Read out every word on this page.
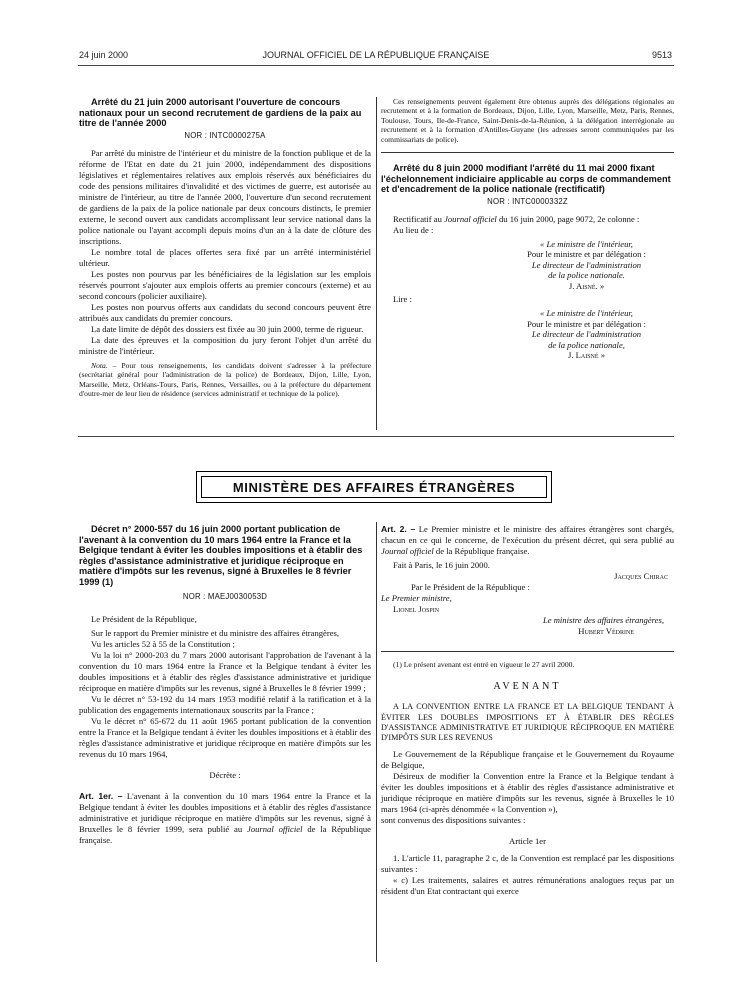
24 juin 2000	JOURNAL OFFICIEL DE LA RÉPUBLIQUE FRANÇAISE	9513

Arrêté du 21 juin 2000 autorisant l'ouverture de concours nationaux pour un second recrutement de gardiens de la paix au titre de l'année 2000

NOR : INTC0000275A

Par arrêté du ministre de l'intérieur et du ministre de la fonction publique et de la réforme de l'Etat en date du 21 juin 2000, indépendamment des dispositions législatives et réglementaires relatives aux emplois réservés aux bénéficiaires du code des pensions militaires d'invalidité et des victimes de guerre, est autorisée au ministre de l'intérieur, au titre de l'année 2000, l'ouverture d'un second recrutement de gardiens de la paix de la police nationale par deux concours distincts, le premier externe, le second ouvert aux candidats accomplissant leur service national dans la police nationale ou l'ayant accompli depuis moins d'un an à la date de clôture des inscriptions.

Le nombre total de places offertes sera fixé par un arrêté interministériel ultérieur.

Les postes non pourvus par les bénéficiaires de la législation sur les emplois réservés pourront s'ajouter aux emplois offerts au premier concours (externe) et au second concours (policier auxiliaire).

Les postes non pourvus offerts aux candidats du second concours peuvent être attribués aux candidats du premier concours.

La date limite de dépôt des dossiers est fixée au 30 juin 2000, terme de rigueur.

La date des épreuves et la composition du jury feront l'objet d'un arrêté du ministre de l'intérieur.

Nota. – Pour tous renseignements, les candidats doivent s'adresser à la préfecture (secrétariat général pour l'administration de la police) de Bordeaux, Dijon, Lille, Lyon, Marseille, Metz, Orléans-Tours, Paris, Rennes, Versailles, ou à la préfecture du département d'outre-mer de leur lieu de résidence (services administratif et technique de la police).

Ces renseignements peuvent également être obtenus auprès des délégations régionales au recrutement et à la formation de Bordeaux, Dijon, Lille, Lyon, Marseille, Metz, Paris, Rennes, Toulouse, Tours, Ile-de-France, Saint-Denis-de-la-Réunion, à la délégation interrégionale au recrutement et à la formation d'Antilles-Guyane (les adresses seront communiquées par les commissariats de police).

Arrêté du 8 juin 2000 modifiant l'arrêté du 11 mai 2000 fixant l'échelonnement indiciaire applicable au corps de commandement et d'encadrement de la police nationale (rectificatif)

NOR : INTC0000332Z

Rectificatif au Journal officiel du 16 juin 2000, page 9072, 2e colonne :

Au lieu de :

« Le ministre de l'intérieur,
Pour le ministre et par délégation :
Le directeur de l'administration
de la police nationale.
J. Aisné. »

Lire :

« Le ministre de l'intérieur,
Pour le ministre et par délégation :
Le directeur de l'administration
de la police nationale,
J. Laisné »
MINISTÈRE DES AFFAIRES ÉTRANGÈRES

Décret n° 2000-557 du 16 juin 2000 portant publication de l'avenant à la convention du 10 mars 1964 entre la France et la Belgique tendant à éviter les doubles impositions et à établir des règles d'assistance administrative et juridique réciproque en matière d'impôts sur les revenus, signé à Bruxelles le 8 février 1999 (1)

NOR : MAEJ0030053D

Le Président de la République,

Sur le rapport du Premier ministre et du ministre des affaires étrangères,

Vu les articles 52 à 55 de la Constitution ;

Vu la loi n° 2000-203 du 7 mars 2000 autorisant l'approbation de l'avenant à la convention du 10 mars 1964 entre la France et la Belgique tendant à éviter les doubles impositions et à établir des règles d'assistance administrative et juridique réciproque en matière d'impôts sur les revenus, signé à Bruxelles le 8 février 1999 ;

Vu le décret n° 53-192 du 14 mars 1953 modifié relatif à la ratification et à la publication des engagements internationaux souscrits par la France ;

Vu le décret n° 65-672 du 11 août 1965 portant publication de la convention entre la France et la Belgique tendant à éviter les doubles impositions et à établir des règles d'assistance administrative et juridique réciproque en matière d'impôts sur les revenus du 10 mars 1964,

Décrète :

Art. 1er. – L'avenant à la convention du 10 mars 1964 entre la France et la Belgique tendant à éviter les doubles impositions et à établir des règles d'assistance administrative et juridique réciproque en matière d'impôts sur les revenus, signé à Bruxelles le 8 février 1999, sera publié au Journal officiel de la République française.

Art. 2. – Le Premier ministre et le ministre des affaires étrangères sont chargés, chacun en ce qui le concerne, de l'exécution du présent décret, qui sera publié au Journal officiel de la République française.

Fait à Paris, le 16 juin 2000.

Jacques Chirac
Par le Président de la République :
Le Premier ministre,
Lionel Jospin
Le ministre des affaires étrangères,
Hubert Védrine

(1) Le présent avenant est entré en vigueur le 27 avril 2000.

AVENANT

A LA CONVENTION ENTRE LA FRANCE ET LA BELGIQUE TENDANT À ÉVITER LES DOUBLES IMPOSITIONS ET À ÉTABLIR DES RÈGLES D'ASSISTANCE ADMINISTRATIVE ET JURIDIQUE RÉCIPROQUE EN MATIÈRE D'IMPÔTS SUR LES REVENUS

Le Gouvernement de la République française et le Gouvernement du Royaume de Belgique,

Désireux de modifier la Convention entre la France et la Belgique tendant à éviter les doubles impositions et à établir des règles d'assistance administrative et juridique réciproque en matière d'impôts sur les revenus, signée à Bruxelles le 10 mars 1964 (ci-après dénommée « la Convention »),

sont convenus des dispositions suivantes :

Article 1er

1. L'article 11, paragraphe 2 c, de la Convention est remplacé par les dispositions suivantes :

« c) Les traitements, salaires et autres rémunérations analogues reçus par un résident d'un Etat contractant qui exerce
